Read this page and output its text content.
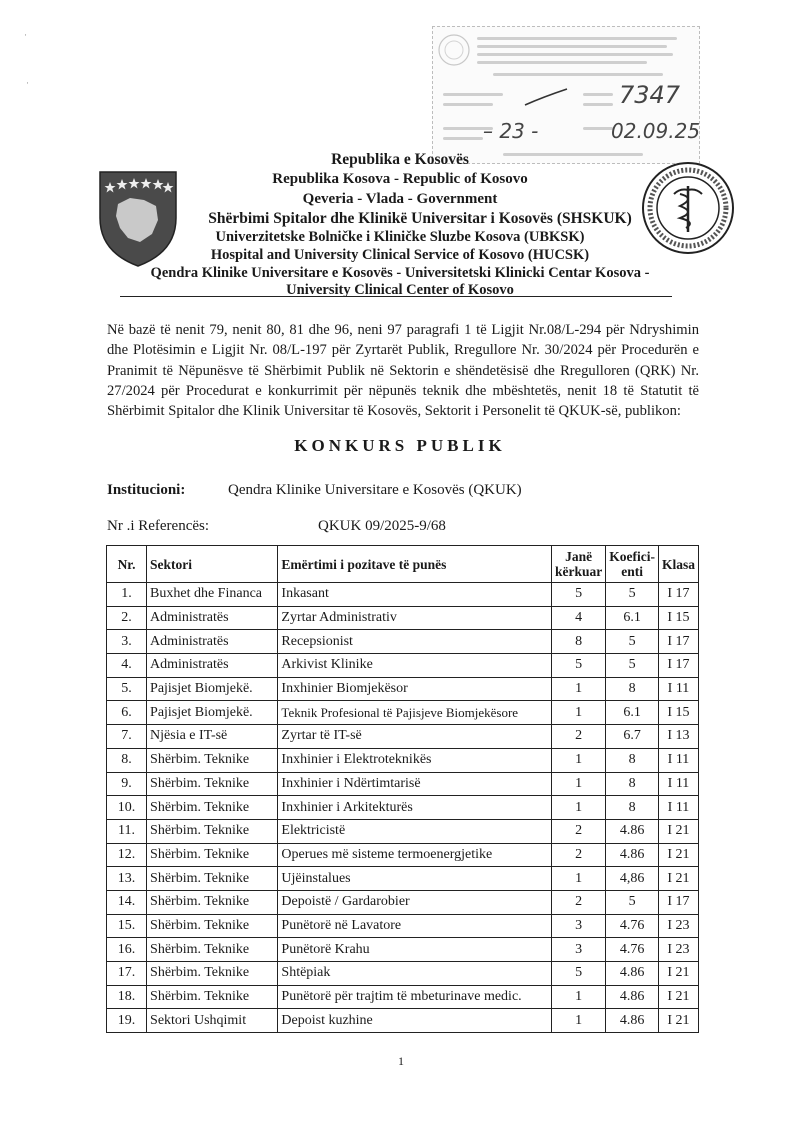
·
·	7347
– 23 -	02.09.25
Republika e Kosovës
Republika Kosova - Republic of Kosovo
Qeveria - Vlada - Government
Shërbimi Spitalor dhe Klinikë Universitar i Kosovës (SHSKUK)
Univerzitetske Bolničke i Kliničke Sluzbe Kosova (UBKSK)
Hospital and University Clinical Service of Kosovo (HUCSK)
Qendra Klinike Universitare e Kosovës - Universitetski Klinicki Centar Kosova -
University Clinical Center of Kosovo
Në bazë të nenit 79, nenit 80, 81 dhe 96, neni 97 paragrafi 1 të Ligjit Nr.08/L-294 për Ndryshimin dhe Plotësimin e Ligjit Nr. 08/L-197 për Zyrtarët Publik, Rregullore Nr. 30/2024 për Procedurën e Pranimit të Nëpunësve të Shërbimit Publik në Sektorin e shëndetësisë dhe Rregulloren (QRK) Nr. 27/2024 për Procedurat e konkurrimit për nëpunës teknik dhe mbështetës, nenit 18 të Statutit të Shërbimit Spitalor dhe Klinik Universitar të Kosovës, Sektorit i Personelit të QKUK-së, publikon:
KONKURS PUBLIK
Institucioni:	Qendra Klinike Universitare e Kosovës (QKUK)
Nr .i Referencës:	QKUK 09/2025-9/68
Nr.	Sektori	Emërtimi i pozitave të punës	Janë kërkuar	Koefici-enti	Klasa
1.	Buxhet dhe Financa	Inkasant	5	5	I 17
2.	Administratës	Zyrtar Administrativ	4	6.1	I 15
3.	Administratës	Recepsionist	8	5	I 17
4.	Administratës	Arkivist Klinike	5	5	I 17
5.	Pajisjet Biomjekë.	Inxhinier Biomjekësor	1	8	I 11
6.	Pajisjet Biomjekë.	Teknik Profesional të Pajisjeve Biomjekësore	1	6.1	I 15
7.	Njësia e IT-së	Zyrtar të IT-së	2	6.7	I 13
8.	Shërbim. Teknike	Inxhinier i Elektroteknikës	1	8	I 11
9.	Shërbim. Teknike	Inxhinier i Ndërtimtarisë	1	8	I 11
10.	Shërbim. Teknike	Inxhinier i Arkitekturës	1	8	I 11
11.	Shërbim. Teknike	Elektricistë	2	4.86	I 21
12.	Shërbim. Teknike	Operues më sisteme termoenergjetike	2	4.86	I 21
13.	Shërbim. Teknike	Ujëinstalues	1	4,86	I 21
14.	Shërbim. Teknike	Depoistë / Gardarobier	2	5	I 17
15.	Shërbim. Teknike	Punëtorë në Lavatore	3	4.76	I 23
16.	Shërbim. Teknike	Punëtorë Krahu	3	4.76	I 23
17.	Shërbim. Teknike	Shtëpiak	5	4.86	I 21
18.	Shërbim. Teknike	Punëtorë për trajtim të mbeturinave medic.	1	4.86	I 21
19.	Sektori Ushqimit	Depoist kuzhine	1	4.86	I 21
1
